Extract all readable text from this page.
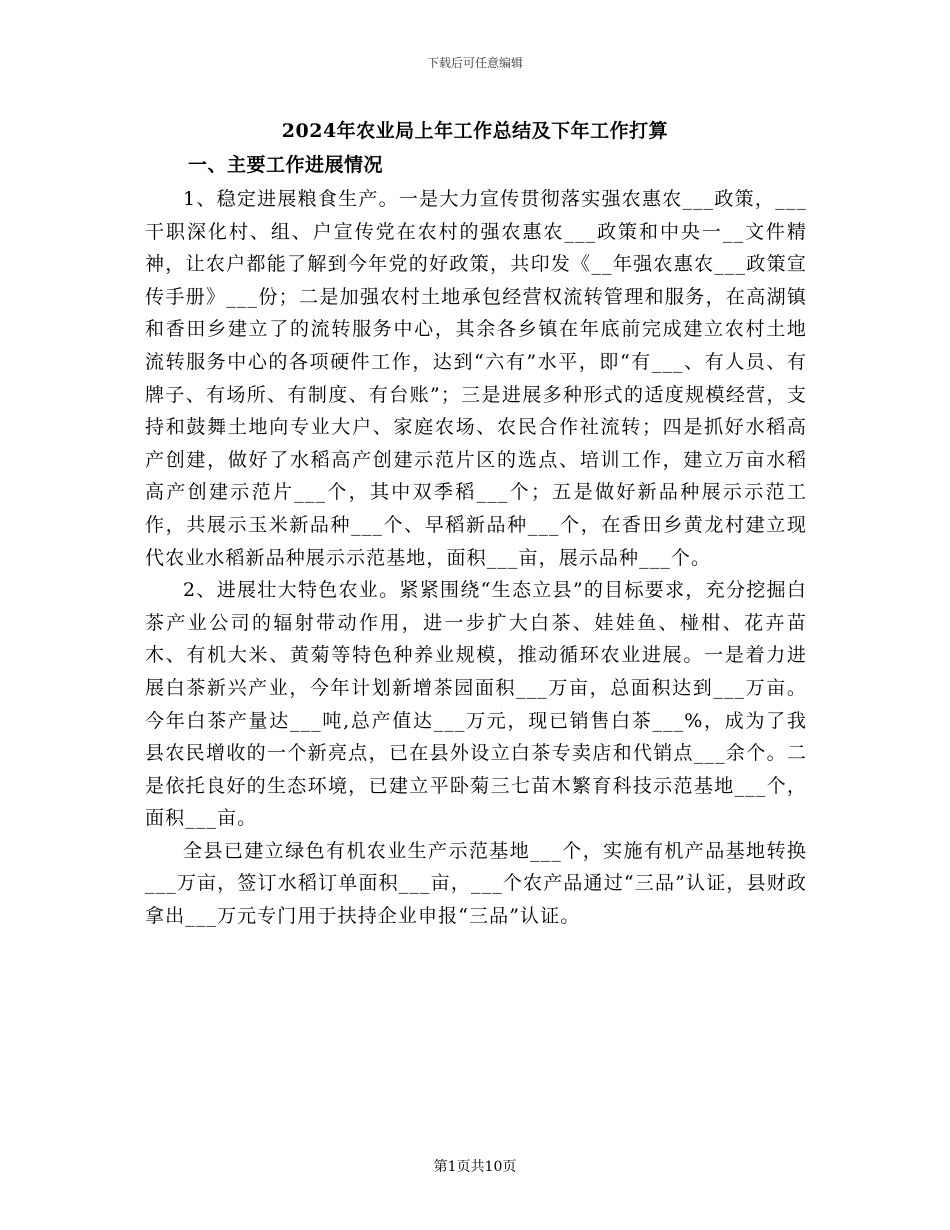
下载后可任意编辑
2024年农业局上年工作总结及下年工作打算
一、主要工作进展情况

1、稳定进展粮食生产。一是大力宣传贯彻落实强农惠农___政策，___干职深化村、组、户宣传党在农村的强农惠农___政策和中央一__文件精神，让农户都能了解到今年党的好政策，共印发《__年强农惠农___政策宣传手册》___份；二是加强农村土地承包经营权流转管理和服务，在高湖镇和香田乡建立了的流转服务中心，其余各乡镇在年底前完成建立农村土地流转服务中心的各项硬件工作，达到“六有”水平，即“有___、有人员、有牌子、有场所、有制度、有台账”；三是进展多种形式的适度规模经营，支持和鼓舞土地向专业大户、家庭农场、农民合作社流转；四是抓好水稻高产创建，做好了水稻高产创建示范片区的选点、培训工作，建立万亩水稻高产创建示范片___个，其中双季稻___个；五是做好新品种展示示范工作，共展示玉米新品种___个、早稻新品种___个，在香田乡黄龙村建立现代农业水稻新品种展示示范基地，面积___亩，展示品种___个。

2、进展壮大特色农业。紧紧围绕“生态立县”的目标要求，充分挖掘白茶产业公司的辐射带动作用，进一步扩大白茶、娃娃鱼、椪柑、花卉苗木、有机大米、黄菊等特色种养业规模，推动循环农业进展。一是着力进展白茶新兴产业，今年计划新增茶园面积___万亩，总面积达到___万亩。今年白茶产量达___吨,总产值达___万元，现已销售白茶___%，成为了我县农民增收的一个新亮点，已在县外设立白茶专卖店和代销点___余个。二是依托良好的生态环境，已建立平卧菊三七苗木繁育科技示范基地___个，面积___亩。

全县已建立绿色有机农业生产示范基地___个，实施有机产品基地转换___万亩，签订水稻订单面积___亩，___个农产品通过“三品”认证，县财政拿出___万元专门用于扶持企业申报“三品”认证。

第1页共10页
